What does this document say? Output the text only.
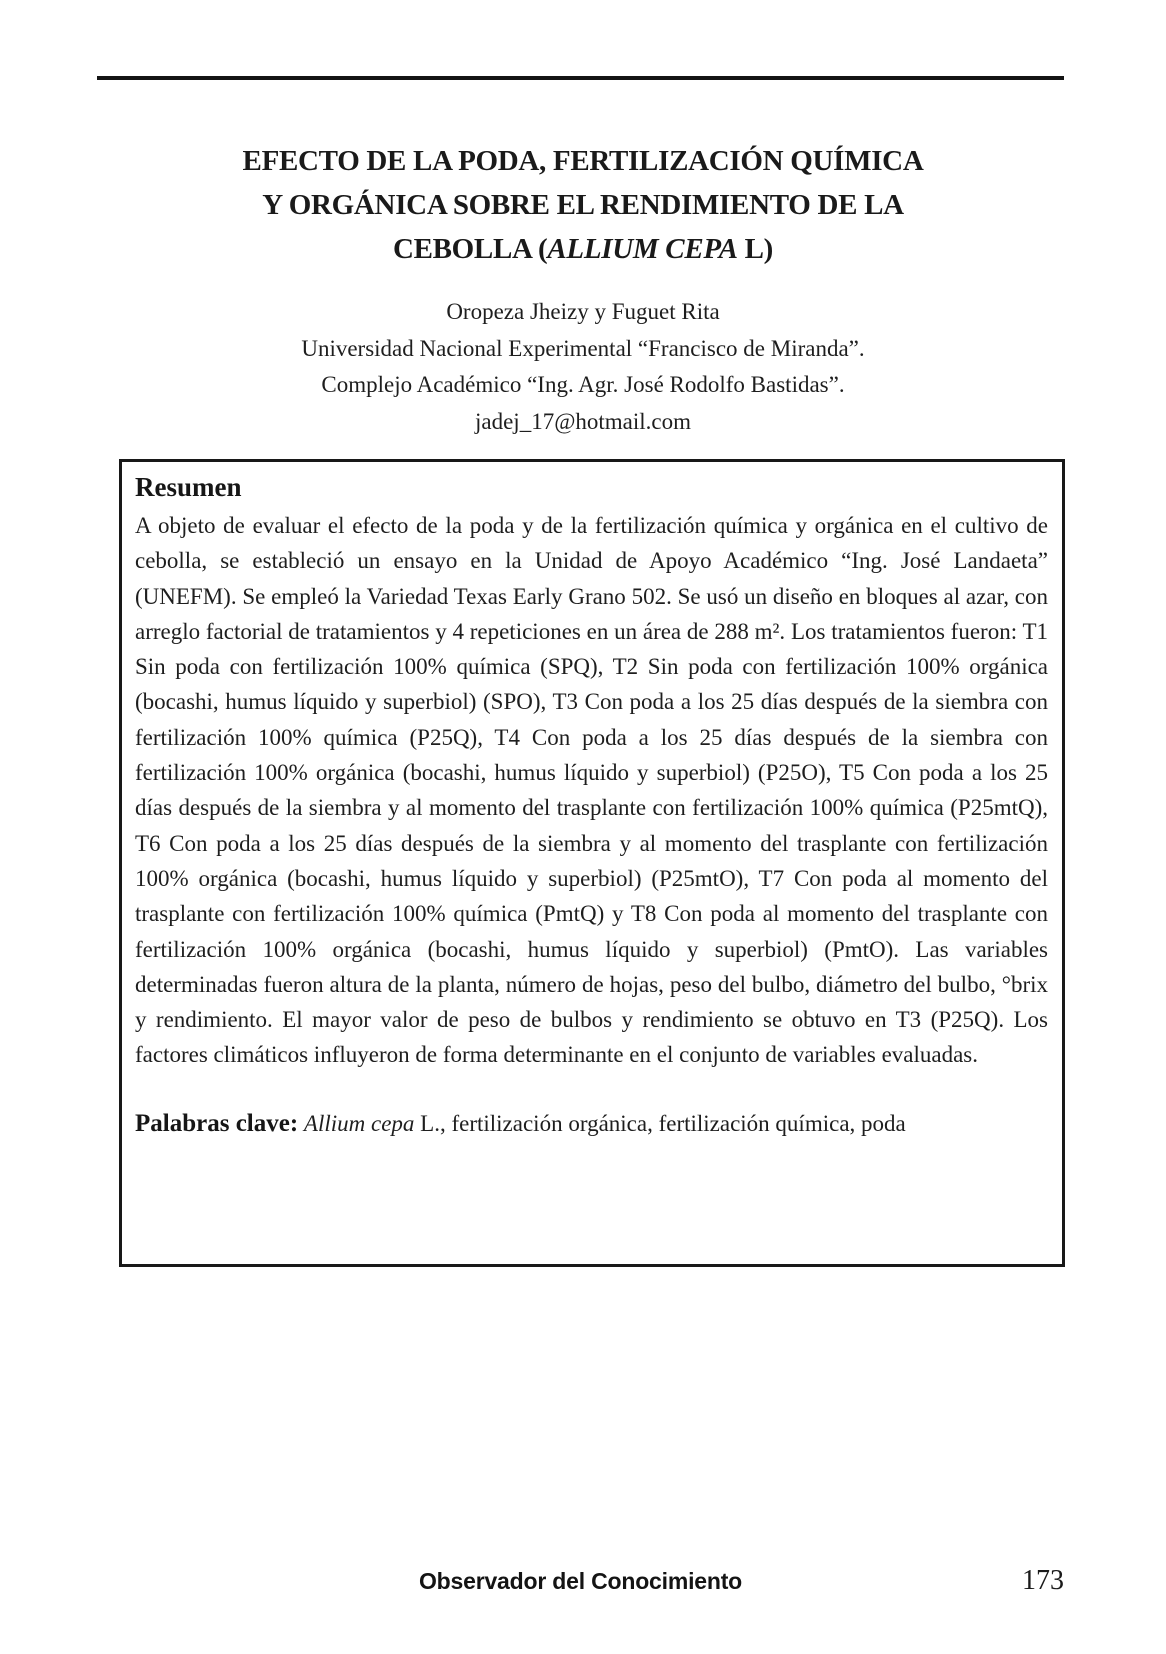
EFECTO DE LA PODA, FERTILIZACIÓN QUÍMICA
Y ORGÁNICA SOBRE EL RENDIMIENTO DE LA
CEBOLLA (ALLIUM CEPA L)
Oropeza Jheizy y Fuguet Rita
Universidad Nacional Experimental “Francisco de Miranda”.
Complejo Académico “Ing. Agr. José Rodolfo Bastidas”.
jadej_17@hotmail.com
Resumen

A objeto de evaluar el efecto de la poda y de la fertilización química y orgánica en el cultivo de cebolla, se estableció un ensayo en la Unidad de Apoyo Académico “Ing. José Landaeta” (UNEFM). Se empleó la Variedad Texas Early Grano 502. Se usó un diseño en bloques al azar, con arreglo factorial de tratamientos y 4 repeticiones en un área de 288 m². Los tratamientos fueron: T1 Sin poda con fertilización 100% química (SPQ), T2 Sin poda con fertilización 100% orgánica (bocashi, humus líquido y superbiol) (SPO), T3 Con poda a los 25 días después de la siembra con fertilización 100% química (P25Q), T4 Con poda a los 25 días después de la siembra con fertilización 100% orgánica (bocashi, humus líquido y superbiol) (P25O), T5 Con poda a los 25 días después de la siembra y al momento del trasplante con fertilización 100% química (P25mtQ), T6 Con poda a los 25 días después de la siembra y al momento del trasplante con fertilización 100% orgánica (bocashi, humus líquido y superbiol) (P25mtO), T7 Con poda al momento del trasplante con fertilización 100% química (PmtQ) y T8 Con poda al momento del trasplante con fertilización 100% orgánica (bocashi, humus líquido y superbiol) (PmtO). Las variables determinadas fueron altura de la planta, número de hojas, peso del bulbo, diámetro del bulbo, °brix y rendimiento. El mayor valor de peso de bulbos y rendimiento se obtuvo en T3 (P25Q). Los factores climáticos influyeron de forma determinante en el conjunto de variables evaluadas.

Palabras clave: Allium cepa L., fertilización orgánica, fertilización química, poda

Observador del Conocimiento	173
